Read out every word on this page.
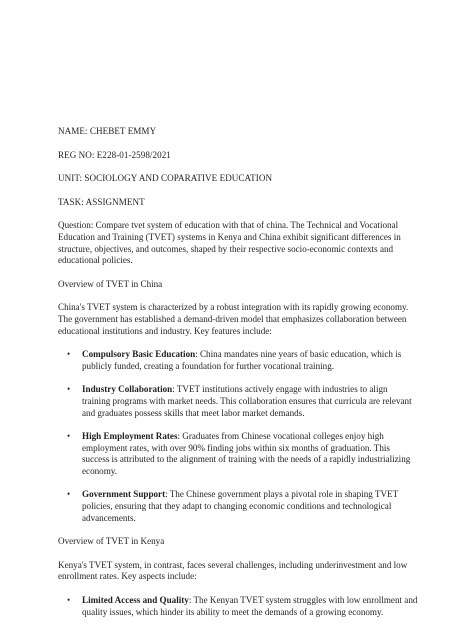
NAME: CHEBET EMMY

REG NO: E228-01-2598/2021

UNIT: SOCIOLOGY AND COPARATIVE EDUCATION

TASK: ASSIGNMENT

Question: Compare tvet system of education with that of china. The Technical and Vocational Education and Training (TVET) systems in Kenya and China exhibit significant differences in structure, objectives, and outcomes, shaped by their respective socio-economic contexts and educational policies.

Overview of TVET in China

China's TVET system is characterized by a robust integration with its rapidly growing economy. The government has established a demand-driven model that emphasizes collaboration between educational institutions and industry. Key features include:

• Compulsory Basic Education: China mandates nine years of basic education, which is publicly funded, creating a foundation for further vocational training.
• Industry Collaboration: TVET institutions actively engage with industries to align training programs with market needs. This collaboration ensures that curricula are relevant and graduates possess skills that meet labor market demands.
• High Employment Rates: Graduates from Chinese vocational colleges enjoy high employment rates, with over 90% finding jobs within six months of graduation. This success is attributed to the alignment of training with the needs of a rapidly industrializing economy.
• Government Support: The Chinese government plays a pivotal role in shaping TVET policies, ensuring that they adapt to changing economic conditions and technological advancements.

Overview of TVET in Kenya

Kenya's TVET system, in contrast, faces several challenges, including underinvestment and low enrollment rates. Key aspects include:

• Limited Access and Quality: The Kenyan TVET system struggles with low enrollment and quality issues, which hinder its ability to meet the demands of a growing economy.
